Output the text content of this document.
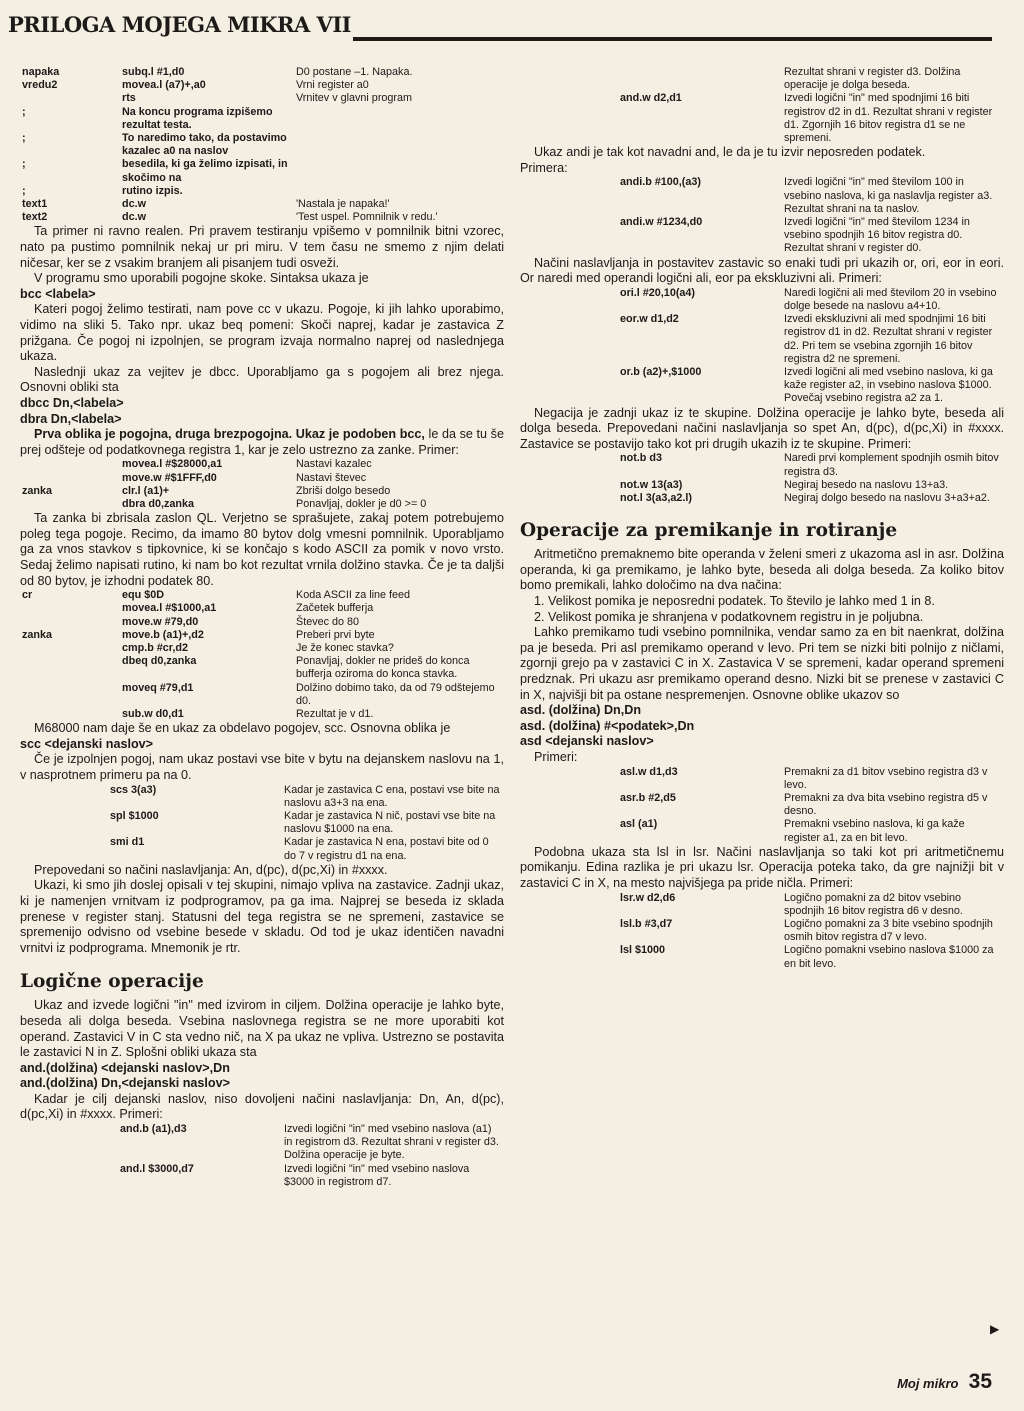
PRILOGA MOJEGA MIKRA VII
napaka	subq.l #1,d0	D0 postane –1. Napaka.
vredu2	movea.l (a7)+,a0	Vrni register a0
	rts	Vrnitev v glavni program
;	Na koncu programa izpišemo rezultat testa.	
;	To naredimo tako, da postavimo kazalec a0 na naslov	
;	besedila, ki ga želimo izpisati, in skočimo na	
;	rutino izpis.	
text1	dc.w	'Nastala je napaka!'
text2	dc.w	'Test uspel. Pomnilnik v redu.'

Ta primer ni ravno realen. Pri pravem testiranju vpišemo v pomnilnik bitni vzorec, nato pa pustimo pomnilnik nekaj ur pri miru. V tem času ne smemo z njim delati ničesar, ker se z vsakim branjem ali pisanjem tudi osveži.

V programu smo uporabili pogojne skoke. Sintaksa ukaza je

bcc <labela>

Kateri pogoj želimo testirati, nam pove cc v ukazu. Pogoje, ki jih lahko uporabimo, vidimo na sliki 5. Tako npr. ukaz beq pomeni: Skoči naprej, kadar je zastavica Z prižgana. Če pogoj ni izpolnjen, se program izvaja normalno naprej od naslednjega ukaza.

Naslednji ukaz za vejitev je dbcc. Uporabljamo ga s pogojem ali brez njega. Osnovni obliki sta

dbcc Dn,<labela>

dbra Dn,<labela>

Prva oblika je pogojna, druga brezpogojna. Ukaz je podoben bcc, le da se tu še prej odšteje od podatkovnega registra 1, kar je zelo ustrezno za zanke. Primer:

	movea.l #$28000,a1	Nastavi kazalec
	move.w #$1FFF,d0	Nastavi števec
zanka	clr.l (a1)+	Zbriši dolgo besedo
	dbra d0,zanka	Ponavljaj, dokler je d0 >= 0

Ta zanka bi zbrisala zaslon QL. Verjetno se sprašujete, zakaj potem potrebujemo poleg tega pogoje. Recimo, da imamo 80 bytov dolg vmesni pomnilnik. Uporabljamo ga za vnos stavkov s tipkovnice, ki se končajo s kodo ASCII za pomik v novo vrsto. Sedaj želimo napisati rutino, ki nam bo kot rezultat vrnila dolžino stavka. Če je ta daljši od 80 bytov, je izhodni podatek 80.

cr	equ $0D	Koda ASCII za line feed
	movea.l #$1000,a1	Začetek bufferja
	move.w #79,d0	Števec do 80
zanka	move.b (a1)+,d2	Preberi prvi byte
	cmp.b #cr,d2	Je že konec stavka?
	dbeq d0,zanka	Ponavljaj, dokler ne prideš do konca bufferja oziroma do konca stavka.
	moveq #79,d1	Dolžino dobimo tako, da od 79 odštejemo d0.
	sub.w d0,d1	Rezultat je v d1.

M68000 nam daje še en ukaz za obdelavo pogojev, scc. Osnovna oblika je

scc <dejanski naslov>

Če je izpolnjen pogoj, nam ukaz postavi vse bite v bytu na dejanskem naslovu na 1, v nasprotnem primeru pa na 0.

scs 3(a3)	Kadar je zastavica C ena, postavi vse bite na naslovu a3+3 na ena.
spl $1000	Kadar je zastavica N nič, postavi vse bite na naslovu $1000 na ena.
smi d1	Kadar je zastavica N ena, postavi bite od 0 do 7 v registru d1 na ena.

Prepovedani so načini naslavljanja: An, d(pc), d(pc,Xi) in #xxxx.

Ukazi, ki smo jih doslej opisali v tej skupini, nimajo vpliva na zastavice. Zadnji ukaz, ki je namenjen vrnitvam iz podprogramov, pa ga ima. Najprej se beseda iz sklada prenese v register stanj. Statusni del tega registra se ne spremeni, zastavice se spremenijo odvisno od vsebine besede v skladu. Od tod je ukaz identičen navadni vrnitvi iz podprograma. Mnemonik je rtr.

Logične operacije

Ukaz and izvede logični "in" med izvirom in ciljem. Dolžina operacije je lahko byte, beseda ali dolga beseda. Vsebina naslovnega registra se ne more uporabiti kot operand. Zastavici V in C sta vedno nič, na X pa ukaz ne vpliva. Ustrezno se postavita le zastavici N in Z. Splošni obliki ukaza sta

and.(dolžina) <dejanski naslov>,Dn

and.(dolžina) Dn,<dejanski naslov>

Kadar je cilj dejanski naslov, niso dovoljeni načini naslavljanja: Dn, An, d(pc), d(pc,Xi) in #xxxx. Primeri:

and.b (a1),d3	Izvedi logični "in" med vsebino naslova (a1) in registrom d3. Rezultat shrani v register d3. Dolžina operacije je byte.
and.l $3000,d7	Izvedi logični "in" med vsebino naslova $3000 in registrom d7.
	Rezultat shrani v register d3. Dolžina operacije je dolga beseda.
and.w d2,d1	Izvedi logični "in" med spodnjimi 16 biti registrov d2 in d1. Rezultat shrani v register d1. Zgornjih 16 bitov registra d1 se ne spremeni.

Ukaz andi je tak kot navadni and, le da je tu izvir neposreden podatek.

Primera:

andi.b #100,(a3)	Izvedi logični "in" med številom 100 in vsebino naslova, ki ga naslavlja register a3. Rezultat shrani na ta naslov.
andi.w #1234,d0	Izvedi logični "in" med številom 1234 in vsebino spodnjih 16 bitov registra d0. Rezultat shrani v register d0.

Načini naslavljanja in postavitev zastavic so enaki tudi pri ukazih or, ori, eor in eori. Or naredi med operandi logični ali, eor pa ekskluzivni ali. Primeri:

ori.l #20,10(a4)	Naredi logični ali med številom 20 in vsebino dolge besede na naslovu a4+10.
eor.w d1,d2	Izvedi ekskluzivni ali med spodnjimi 16 biti registrov d1 in d2. Rezultat shrani v register d2. Pri tem se vsebina zgornjih 16 bitov registra d2 ne spremeni.
or.b (a2)+,$1000	Izvedi logični ali med vsebino naslova, ki ga kaže register a2, in vsebino naslova $1000. Povečaj vsebino registra a2 za 1.

Negacija je zadnji ukaz iz te skupine. Dolžina operacije je lahko byte, beseda ali dolga beseda. Prepovedani načini naslavljanja so spet An, d(pc), d(pc,Xi) in #xxxx. Zastavice se postavijo tako kot pri drugih ukazih iz te skupine. Primeri:

not.b d3	Naredi prvi komplement spodnjih osmih bitov registra d3.
not.w 13(a3)	Negiraj besedo na naslovu 13+a3.
not.l 3(a3,a2.l)	Negiraj dolgo besedo na naslovu 3+a3+a2.
Operacije za premikanje in rotiranje

Aritmetično premaknemo bite operanda v želeni smeri z ukazoma asl in asr. Dolžina operanda, ki ga premikamo, je lahko byte, beseda ali dolga beseda. Za koliko bitov bomo premikali, lahko določimo na dva načina:

1. Velikost pomika je neposredni podatek. To število je lahko med 1 in 8.

2. Velikost pomika je shranjena v podatkovnem registru in je poljubna.

Lahko premikamo tudi vsebino pomnilnika, vendar samo za en bit naenkrat, dolžina pa je beseda. Pri asl premikamo operand v levo. Pri tem se nizki biti polnijo z ničlami, zgornji grejo pa v zastavici C in X. Zastavica V se spremeni, kadar operand spremeni predznak. Pri ukazu asr premikamo operand desno. Nizki bit se prenese v zastavici C in X, najvišji bit pa ostane nespremenjen. Osnovne oblike ukazov so

asd. (dolžina) Dn,Dn

asd. (dolžina) #<podatek>,Dn

asd <dejanski naslov>

Primeri:

asl.w d1,d3	Premakni za d1 bitov vsebino registra d3 v levo.
asr.b #2,d5	Premakni za dva bita vsebino registra d5 v desno.
asl (a1)	Premakni vsebino naslova, ki ga kaže register a1, za en bit levo.

Podobna ukaza sta lsl in lsr. Načini naslavljanja so taki kot pri aritmetičnemu pomikanju. Edina razlika je pri ukazu lsr. Operacija poteka tako, da gre najnižji bit v zastavici C in X, na mesto najvišjega pa pride ničla. Primeri:

lsr.w d2,d6	Logično pomakni za d2 bitov vsebino spodnjih 16 bitov registra d6 v desno.
lsl.b #3,d7	Logično pomakni za 3 bite vsebino spodnjih osmih bitov registra d7 v levo.
lsl $1000	Logično pomakni vsebino naslova $1000 za en bit levo.
▶
Moj mikro 35
